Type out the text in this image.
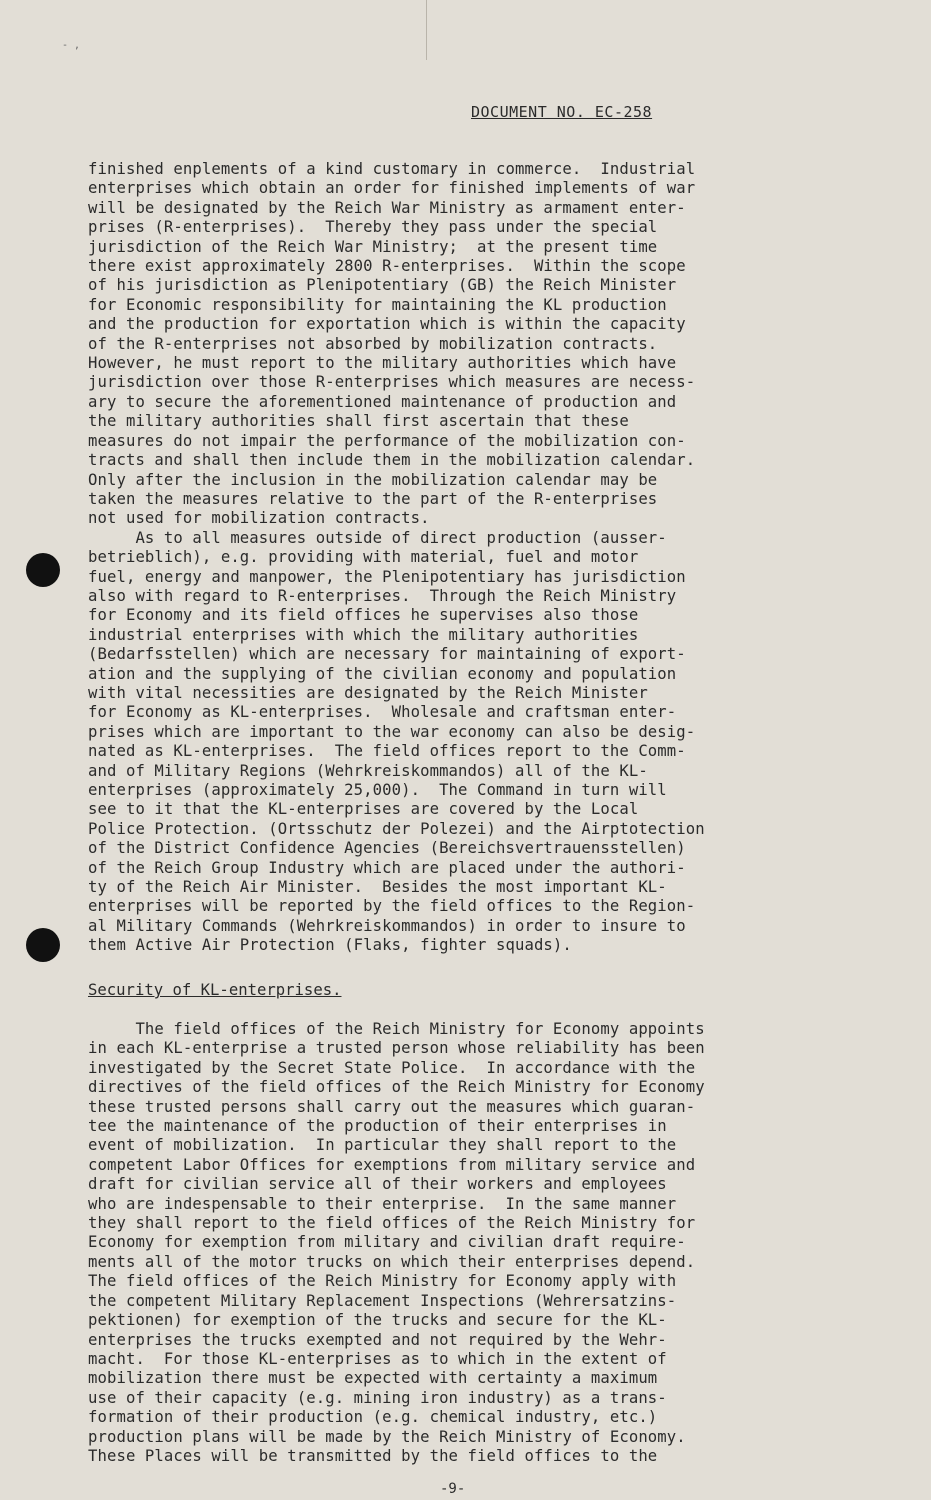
- ,
DOCUMENT NO. EC-258
finished enplements of a kind customary in commerce.  Industrial
enterprises which obtain an order for finished implements of war
will be designated by the Reich War Ministry as armament enter-
prises (R-enterprises).  Thereby they pass under the special
jurisdiction of the Reich War Ministry;  at the present time
there exist approximately 2800 R-enterprises.  Within the scope
of his jurisdiction as Plenipotentiary (GB) the Reich Minister
for Economic responsibility for maintaining the KL production
and the production for exportation which is within the capacity
of the R-enterprises not absorbed by mobilization contracts.
However, he must report to the military authorities which have
jurisdiction over those R-enterprises which measures are necess-
ary to secure the aforementioned maintenance of production and
the military authorities shall first ascertain that these
measures do not impair the performance of the mobilization con-
tracts and shall then include them in the mobilization calendar.
Only after the inclusion in the mobilization calendar may be
taken the measures relative to the part of the R-enterprises
not used for mobilization contracts.
As to all measures outside of direct production (ausser-
betrieblich), e.g. providing with material, fuel and motor
fuel, energy and manpower, the Plenipotentiary has jurisdiction
also with regard to R-enterprises.  Through the Reich Ministry
for Economy and its field offices he supervises also those
industrial enterprises with which the military authorities
(Bedarfsstellen) which are necessary for maintaining of export-
ation and the supplying of the civilian economy and population
with vital necessities are designated by the Reich Minister
for Economy as KL-enterprises.  Wholesale and craftsman enter-
prises which are important to the war economy can also be desig-
nated as KL-enterprises.  The field offices report to the Comm-
and of Military Regions (Wehrkreiskommandos) all of the KL-
enterprises (approximately 25,000).  The Command in turn will
see to it that the KL-enterprises are covered by the Local
Police Protection. (Ortsschutz der Polezei) and the Airptotection
of the District Confidence Agencies (Bereichsvertrauensstellen)
of the Reich Group Industry which are placed under the authori-
ty of the Reich Air Minister.  Besides the most important KL-
enterprises will be reported by the field offices to the Region-
al Military Commands (Wehrkreiskommandos) in order to insure to
them Active Air Protection (Flaks, fighter squads).
Security of KL-enterprises.
The field offices of the Reich Ministry for Economy appoints
in each KL-enterprise a trusted person whose reliability has been
investigated by the Secret State Police.  In accordance with the
directives of the field offices of the Reich Ministry for Economy
these trusted persons shall carry out the measures which guaran-
tee the maintenance of the production of their enterprises in
event of mobilization.  In particular they shall report to the
competent Labor Offices for exemptions from military service and
draft for civilian service all of their workers and employees
who are indespensable to their enterprise.  In the same manner
they shall report to the field offices of the Reich Ministry for
Economy for exemption from military and civilian draft require-
ments all of the motor trucks on which their enterprises depend.
The field offices of the Reich Ministry for Economy apply with
the competent Military Replacement Inspections (Wehrersatzins-
pektionen) for exemption of the trucks and secure for the KL-
enterprises the trucks exempted and not required by the Wehr-
macht.  For those KL-enterprises as to which in the extent of
mobilization there must be expected with certainty a maximum
use of their capacity (e.g. mining iron industry) as a trans-
formation of their production (e.g. chemical industry, etc.)
production plans will be made by the Reich Ministry of Economy.
These Places will be transmitted by the field offices to the
-9-
